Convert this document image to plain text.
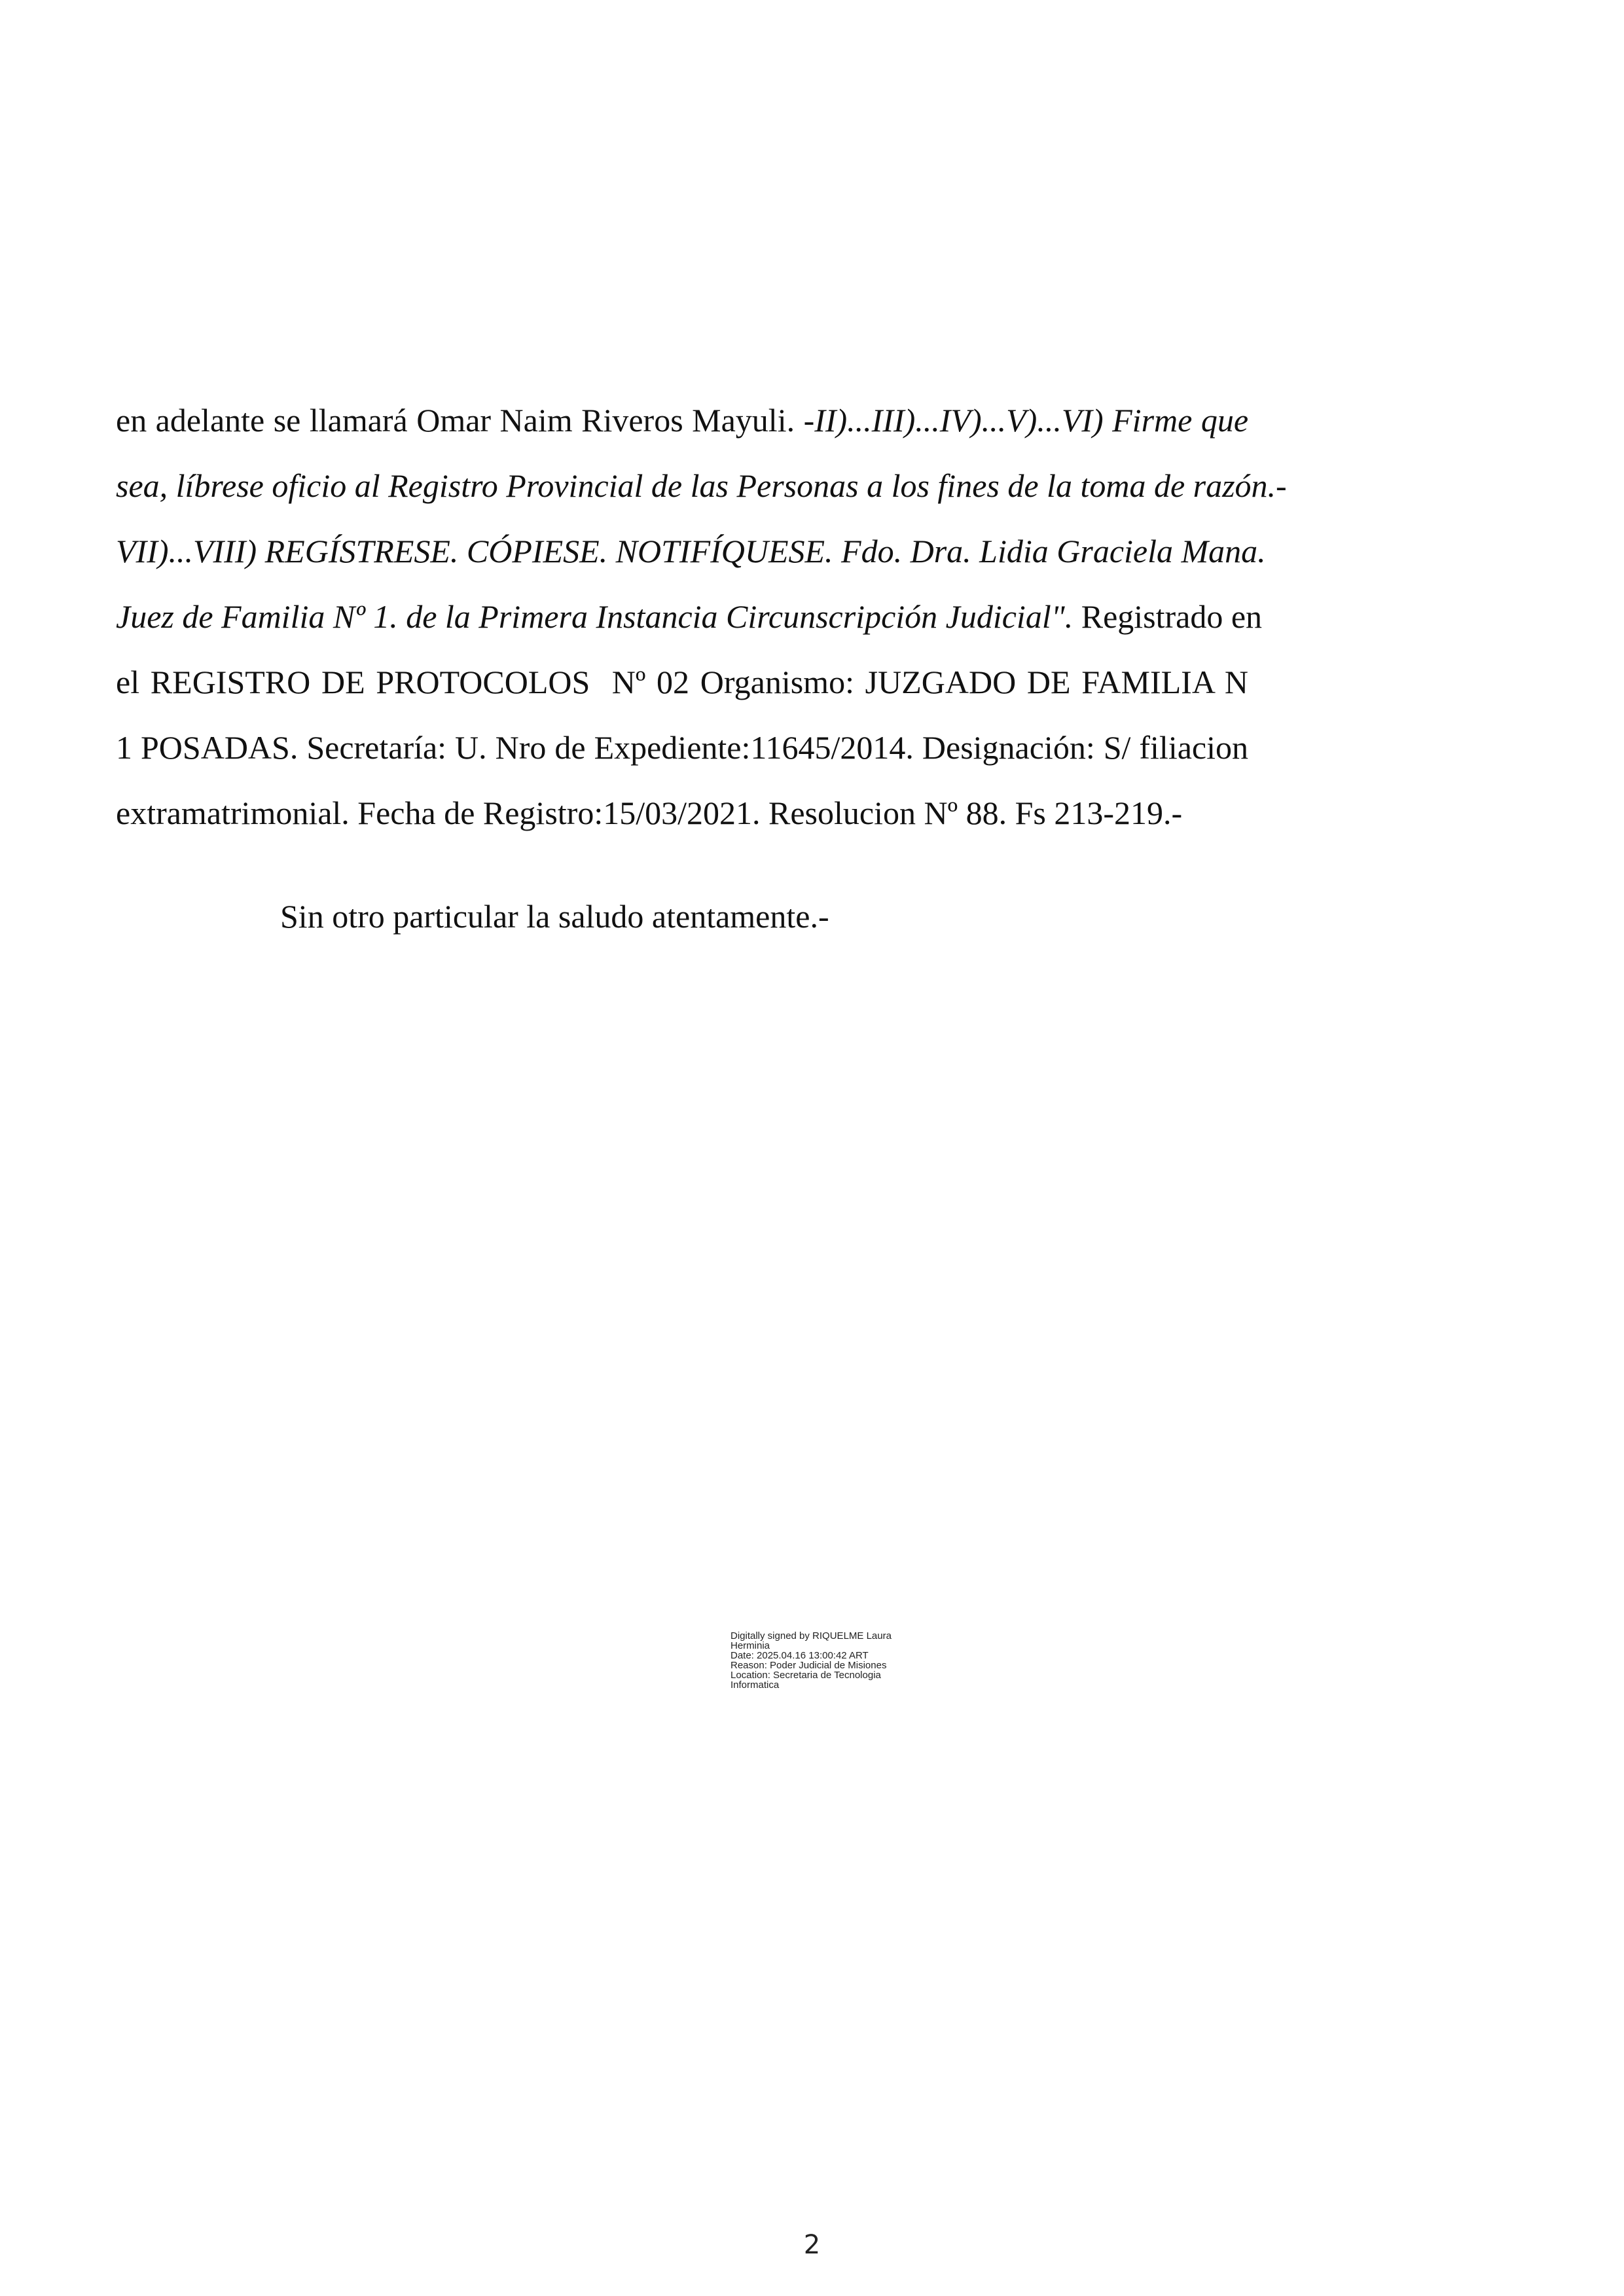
en adelante se llamará Omar Naim Riveros Mayuli. -II)...III)...IV)...V)...VI) Firme que
sea, líbrese oficio al Registro Provincial de las Personas a los fines de la toma de razón.-
VII)...VIII) REGÍSTRESE. CÓPIESE. NOTIFÍQUESE. Fdo. Dra. Lidia Graciela Mana.
Juez de Familia Nº 1. de la Primera Instancia Circunscripción Judicial". Registrado en
el REGISTRO DE PROTOCOLOS  Nº 02 Organismo: JUZGADO DE FAMILIA N
1 POSADAS. Secretaría: U. Nro de Expediente:11645/2014. Designación: S/ filiacion
extramatrimonial. Fecha de Registro:15/03/2021. Resolucion Nº 88. Fs 213-219.-
Sin otro particular la saludo atentamente.-
Digitally signed by RIQUELME Laura
Herminia
Date: 2025.04.16 13:00:42 ART
Reason: Poder Judicial de Misiones
Location: Secretaria de Tecnologia
Informatica
2
